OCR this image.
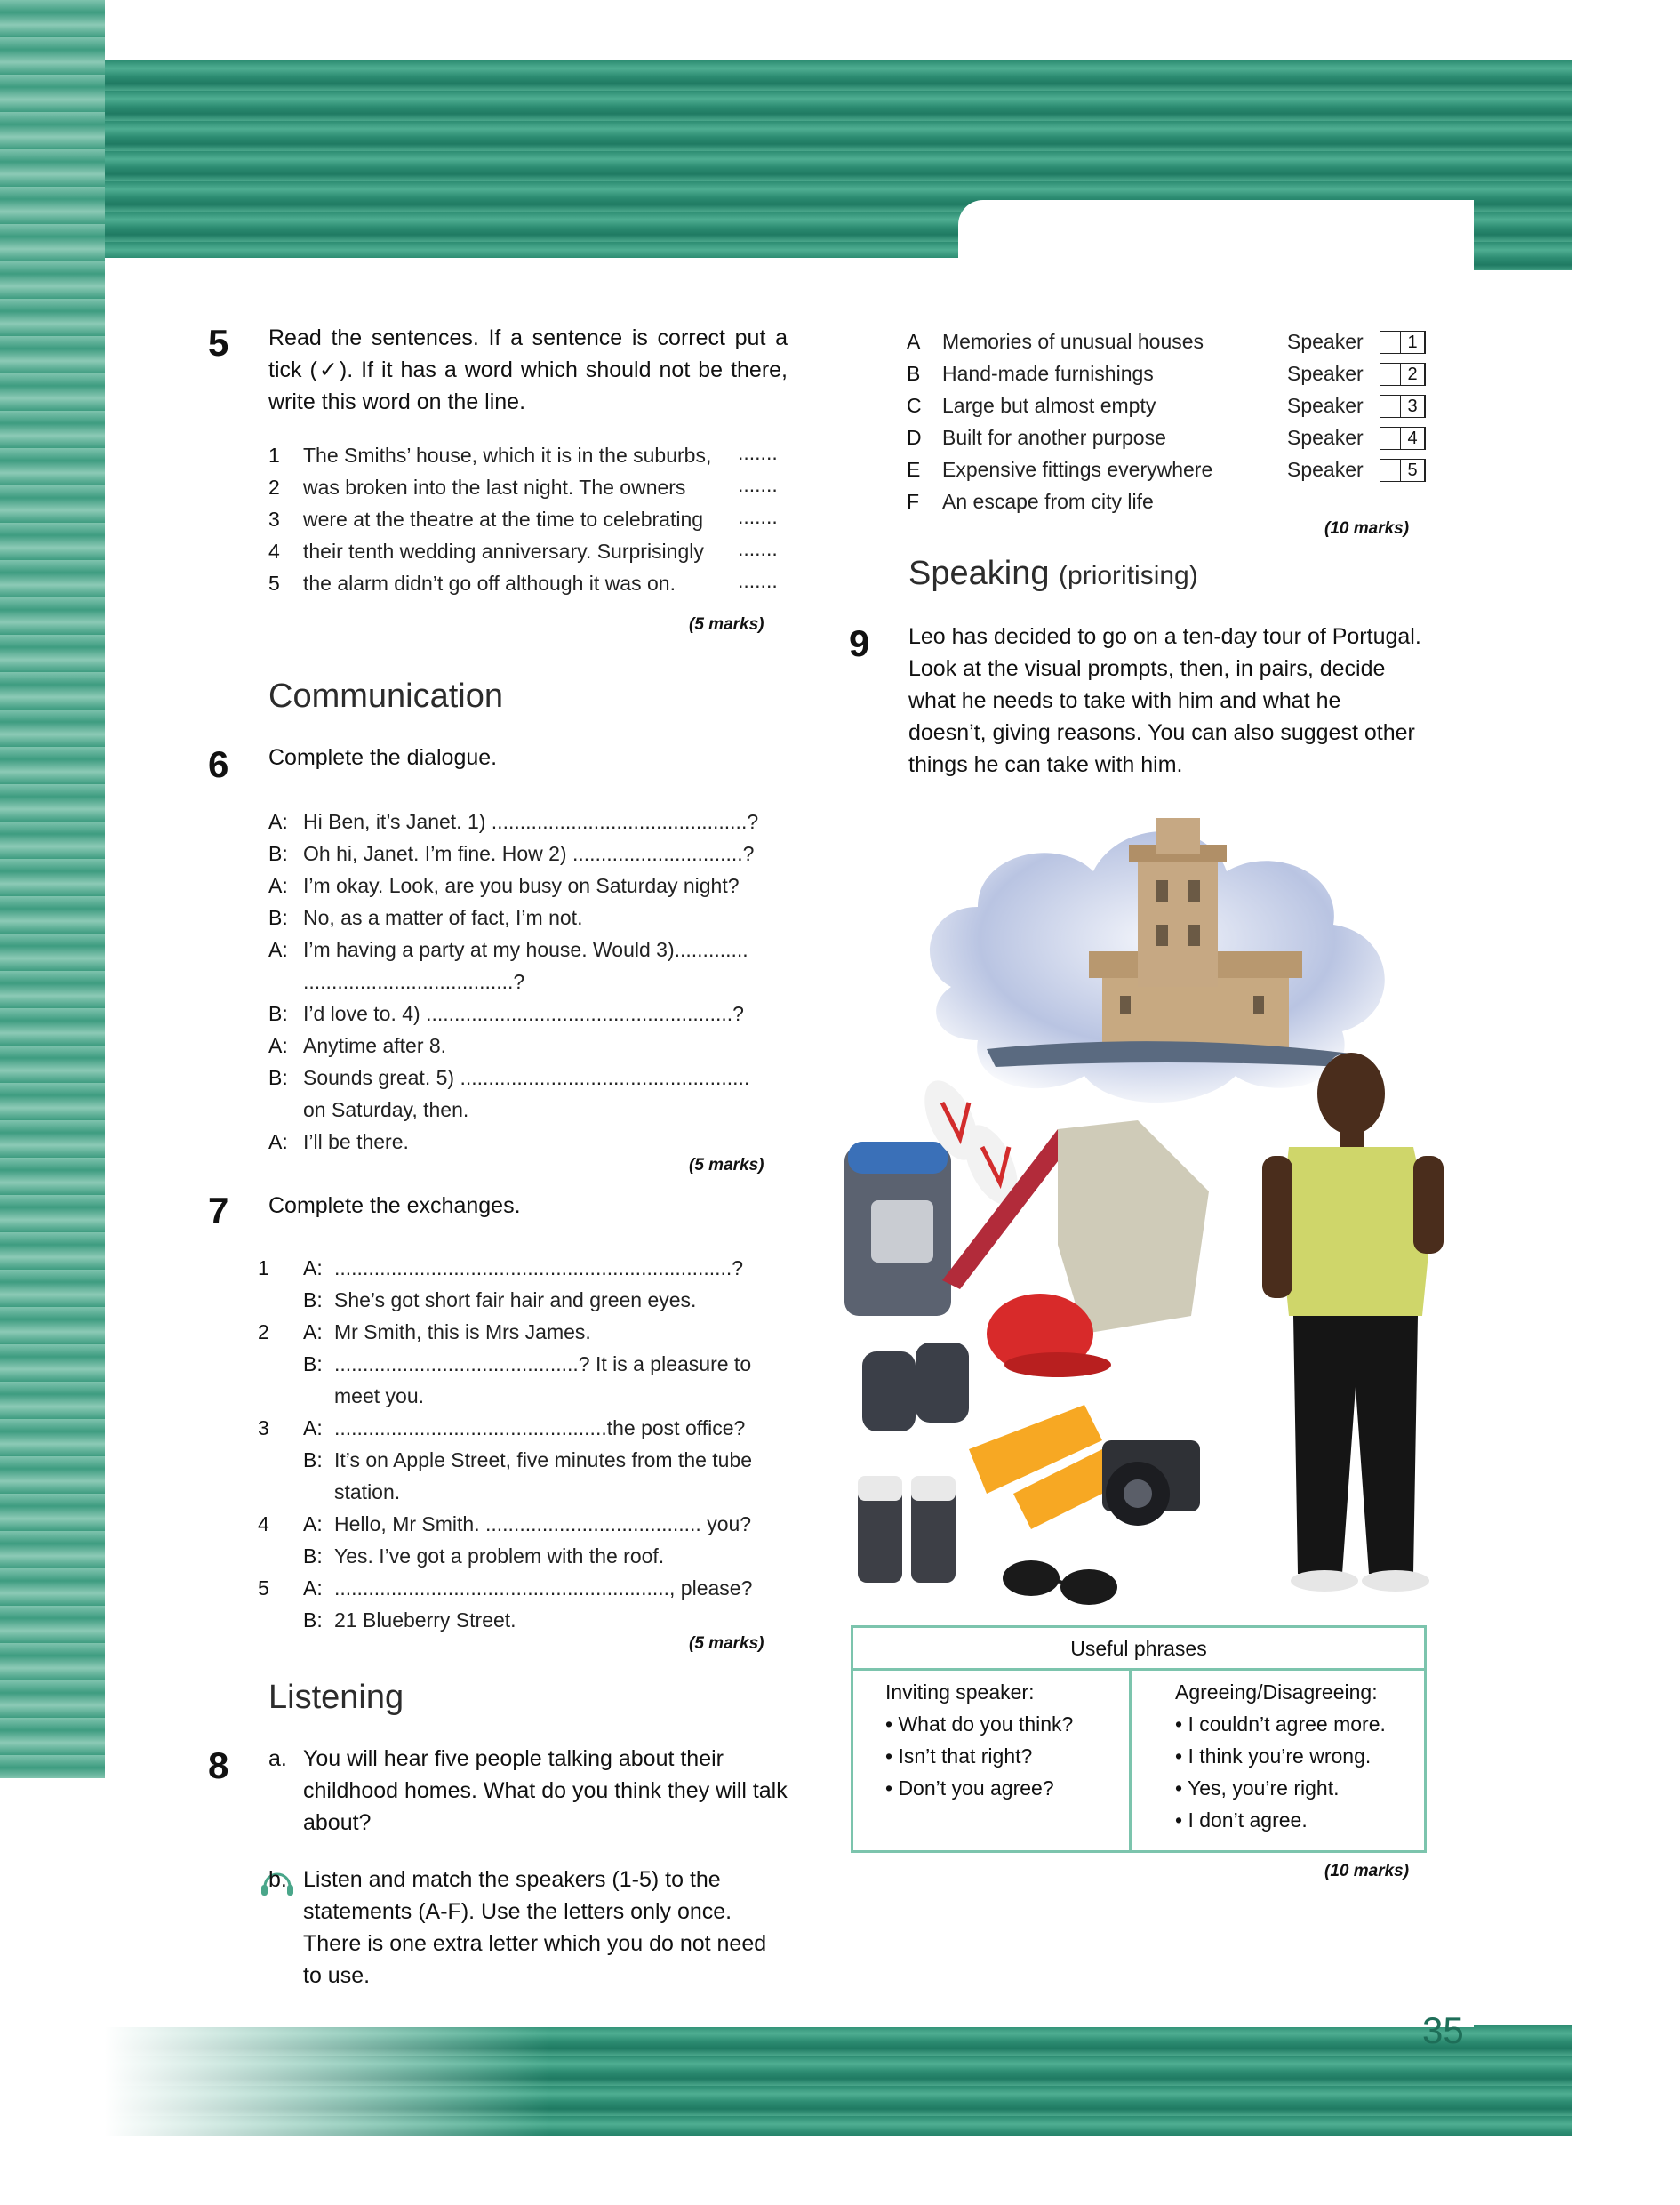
Self-Assessment Module 1
5 Read the sentences. If a sentence is correct put a tick (✓). If it has a word which should not be there, write this word on the line.
1 The Smiths’ house, which it is in the suburbs, .......
2 was broken into the last night. The owners	.......
3 were at the theatre at the time to celebrating .......
4 their tenth wedding anniversary. Surprisingly .......
5 the alarm didn’t go off although it was on.	.......
(5 marks)
Communication
6 Complete the dialogue.
A: Hi Ben, it’s Janet. 1) .............................................?
B: Oh hi, Janet. I’m fine. How 2) ..............................?
A: I’m okay. Look, are you busy on Saturday night?
B: No, as a matter of fact, I’m not.
A: I’m having a party at my house. Would 3).............
.....................................?
B: I’d love to. 4) ......................................................?
A: Anytime after 8.
B: Sounds great. 5) ...................................................
on Saturday, then.
A: I’ll be there.
(5 marks)
7 Complete the exchanges.
1 A: ......................................................................?
B: She’s got short fair hair and green eyes.
2 A: Mr Smith, this is Mrs James.
B: ...........................................? It is a pleasure to
meet you.
3 A: ................................................the post office?
B: It’s on Apple Street, five minutes from the tube
station.
4 A: Hello, Mr Smith. ...................................... you?
B: Yes. I’ve got a problem with the roof.
5 A: ..........................................................., please?
B: 21 Blueberry Street.
(5 marks)
Listening
8 a. You will hear five people talking about their childhood homes. What do you think they will talk about?
b. Listen and match the speakers (1-5) to the statements (A-F). Use the letters only once. There is one extra letter which you do not need to use.
A Memories of unusual houses	Speaker	1
B Hand-made furnishings	Speaker	2
C Large but almost empty	Speaker	3
D Built for another purpose	Speaker	4
E Expensive fittings everywhere	Speaker	5
F An escape from city life
(10 marks)
Speaking (prioritising)
9 Leo has decided to go on a ten-day tour of Portugal. Look at the visual prompts, then, in pairs, decide what he needs to take with him and what he doesn’t, giving reasons. You can also suggest other things he can take with him.
Useful phrases
Inviting speaker:
• What do you think?
• Isn’t that right?
• Don’t you agree?
Agreeing/Disagreeing:
• I couldn’t agree more.
• I think you’re wrong.
• Yes, you’re right.
• I don’t agree.
(10 marks)
35
